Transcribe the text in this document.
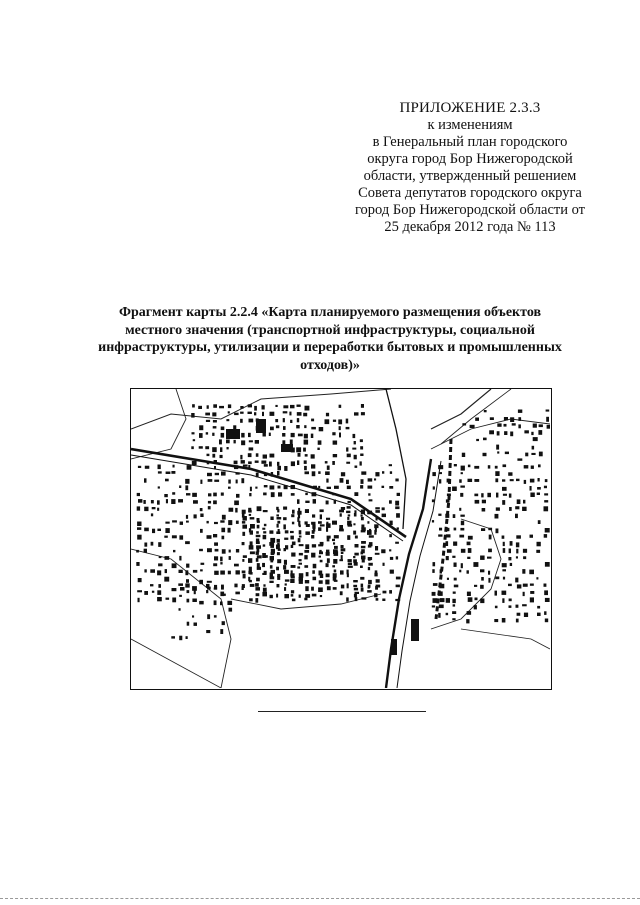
ПРИЛОЖЕНИЕ 2.3.3
к изменениям
в Генеральный план городского
округа город Бор Нижегородской
области, утвержденный решением
Совета депутатов городского округа
город Бор Нижегородской области от
25 декабря 2012 года № 113
Фрагмент карты 2.2.4 «Карта планируемого размещения объектов
местного значения (транспортной инфраструктуры, социальной
инфраструктуры, утилизации и переработки бытовых и промышленных
отходов)»
